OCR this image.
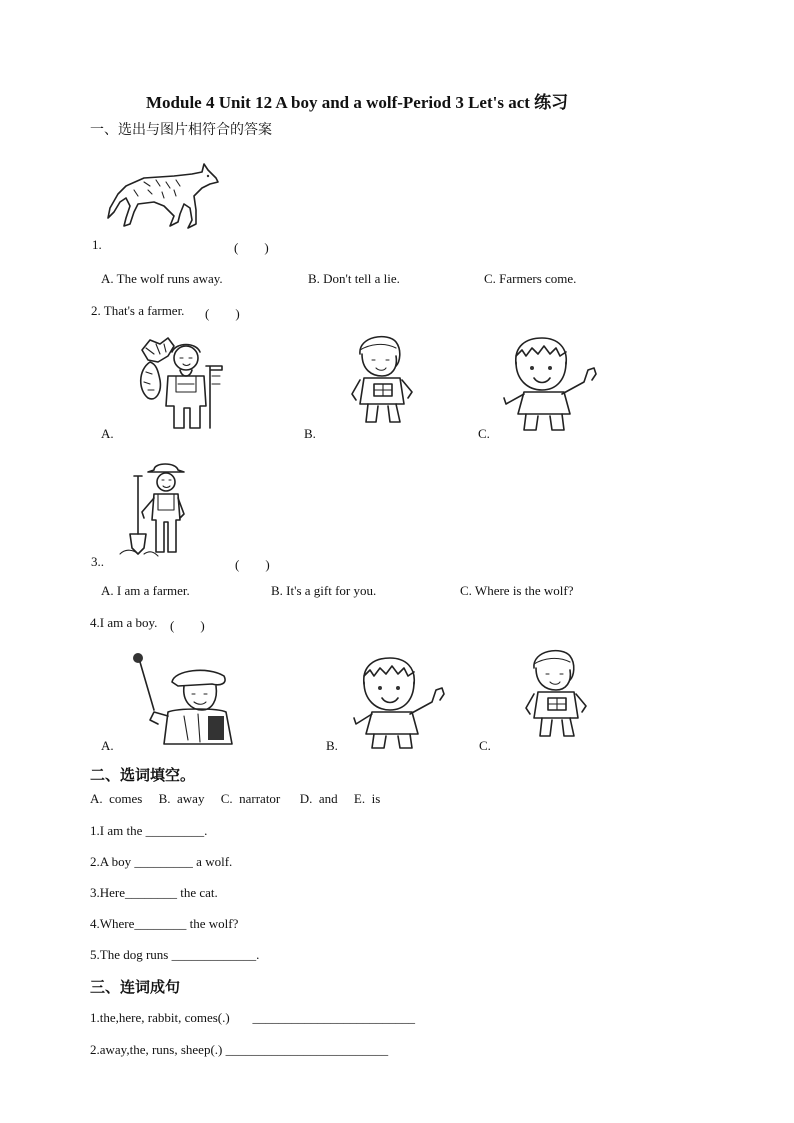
Module 4 Unit 12 A boy and a wolf-Period 3 Let's act 练习
一、选出与图片相符合的答案
1.	(　　)
A. The wolf runs away.	B. Don't tell a lie.	C. Farmers come.
2. That's a farmer. (　　)
A.	B.	C.
3..	(　　)
A. I am a farmer.	B. It's a gift for you.	C. Where is the wolf?
4.I am a boy. (　　)
A.	B.	C.
二、选词填空。
A.  comes     B.  away     C.  narrator      D.  and     E.  is
1.I am the _________.
2.A boy _________ a wolf.
3.Here________ the cat.
4.Where________ the wolf?
5.The dog runs _____________.
三、连词成句
1.the,here, rabbit, comes(.)       _________________________
2.away,the, runs, sheep(.) _________________________
